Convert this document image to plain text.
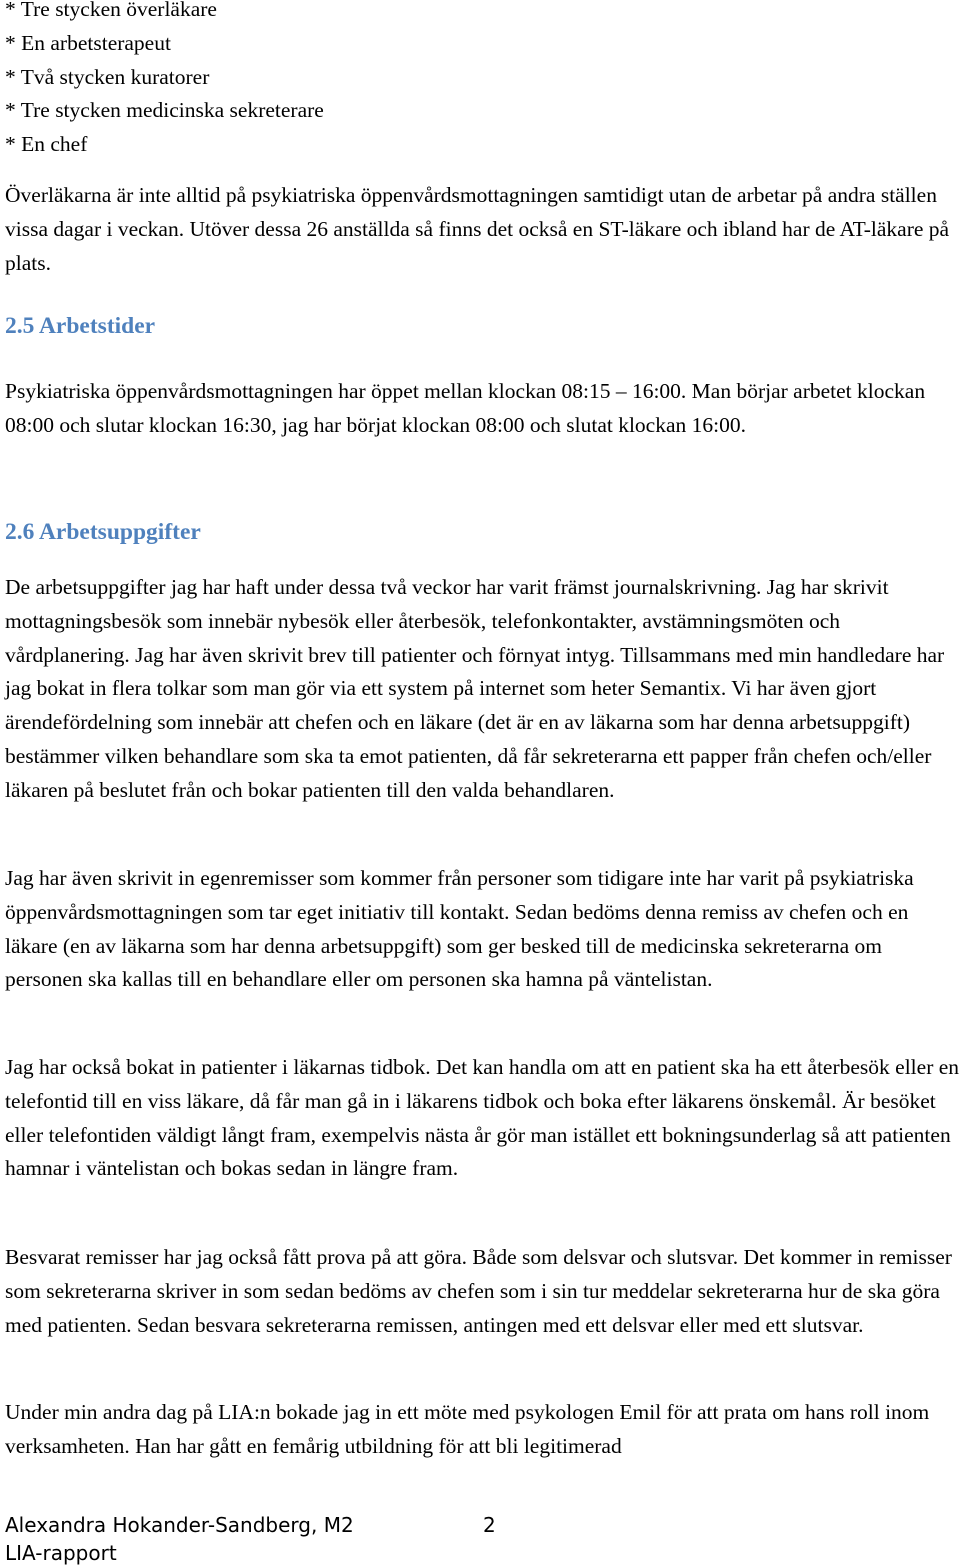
* Tre stycken överläkare
* En arbetsterapeut
* Två stycken kuratorer
* Tre stycken medicinska sekreterare
* En chef

Överläkarna är inte alltid på psykiatriska öppenvårdsmottagningen samtidigt utan de arbetar på andra ställen vissa dagar i veckan. Utöver dessa 26 anställda så finns det också en ST-läkare och ibland har de AT-läkare på plats.

2.5 Arbetstider

Psykiatriska öppenvårdsmottagningen har öppet mellan klockan 08:15 – 16:00. Man börjar arbetet klockan 08:00 och slutar klockan 16:30, jag har börjat klockan 08:00 och slutat klockan 16:00.

2.6 Arbetsuppgifter

De arbetsuppgifter jag har haft under dessa två veckor har varit främst journalskrivning. Jag har skrivit mottagningsbesök som innebär nybesök eller återbesök, telefonkontakter, avstämningsmöten och vårdplanering. Jag har även skrivit brev till patienter och förnyat intyg. Tillsammans med min handledare har jag bokat in flera tolkar som man gör via ett system på internet som heter Semantix. Vi har även gjort ärendefördelning som innebär att chefen och en läkare (det är en av läkarna som har denna arbetsuppgift) bestämmer vilken behandlare som ska ta emot patienten, då får sekreterarna ett papper från chefen och/eller läkaren på beslutet från och bokar patienten till den valda behandlaren.

Jag har även skrivit in egenremisser som kommer från personer som tidigare inte har varit på psykiatriska öppenvårdsmottagningen som tar eget initiativ till kontakt. Sedan bedöms denna remiss av chefen och en läkare (en av läkarna som har denna arbetsuppgift) som ger besked till de medicinska sekreterarna om personen ska kallas till en behandlare eller om personen ska hamna på väntelistan.

Jag har också bokat in patienter i läkarnas tidbok. Det kan handla om att en patient ska ha ett återbesök eller en telefontid till en viss läkare, då får man gå in i läkarens tidbok och boka efter läkarens önskemål. Är besöket eller telefontiden väldigt långt fram, exempelvis nästa år gör man istället ett bokningsunderlag så att patienten hamnar i väntelistan och bokas sedan in längre fram.

Besvarat remisser har jag också fått prova på att göra. Både som delsvar och slutsvar. Det kommer in remisser som sekreterarna skriver in som sedan bedöms av chefen som i sin tur meddelar sekreterarna hur de ska göra med patienten. Sedan besvara sekreterarna remissen, antingen med ett delsvar eller med ett slutsvar.

Under min andra dag på LIA:n bokade jag in ett möte med psykologen Emil för att prata om hans roll inom verksamheten. Han har gått en femårig utbildning för att bli legitimerad

Alexandra Hokander-Sandberg, M2	2
LIA-rapport
